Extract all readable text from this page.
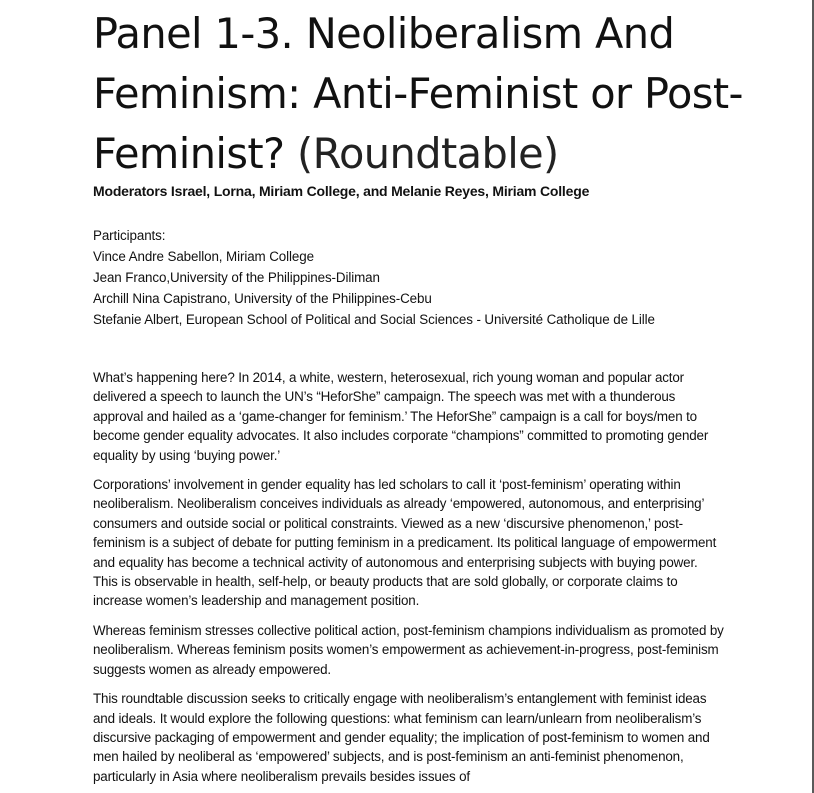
Panel 1-3. Neoliberalism And Feminism: Anti-Feminist or Post-Feminist? (Roundtable)
Moderators Israel, Lorna, Miriam College, and Melanie Reyes, Miriam College
Participants:
Vince Andre Sabellon, Miriam College
Jean Franco,University of the Philippines-Diliman
Archill Nina Capistrano, University of the Philippines-Cebu
Stefanie Albert, European School of Political and Social Sciences - Université Catholique de Lille

What’s happening here? In 2014, a white, western, heterosexual, rich young woman and popular actor delivered a speech to launch the UN’s “HeforShe” campaign. The speech was met with a thunderous approval and hailed as a ‘game-changer for feminism.’ The HeforShe” campaign is a call for boys/men to become gender equality advocates. It also includes corporate “champions” committed to promoting gender equality by using ‘buying power.’

Corporations’ involvement in gender equality has led scholars to call it ‘post-feminism’ operating within neoliberalism. Neoliberalism conceives individuals as already ‘empowered, autonomous, and enterprising’ consumers and outside social or political constraints. Viewed as a new ‘discursive phenomenon,’ post-feminism is a subject of debate for putting feminism in a predicament. Its political language of empowerment and equality has become a technical activity of autonomous and enterprising subjects with buying power. This is observable in health, self-help, or beauty products that are sold globally, or corporate claims to increase women’s leadership and management position.

Whereas feminism stresses collective political action, post-feminism champions individualism as promoted by neoliberalism. Whereas feminism posits women’s empowerment as achievement-in-progress, post-feminism suggests women as already empowered.

This roundtable discussion seeks to critically engage with neoliberalism’s entanglement with feminist ideas and ideals. It would explore the following questions: what feminism can learn/unlearn from neoliberalism’s discursive packaging of empowerment and gender equality; the implication of post-feminism to women and men hailed by neoliberal as ‘empowered’ subjects, and is post-feminism an anti-feminist phenomenon, particularly in Asia where neoliberalism prevails besides issues of
